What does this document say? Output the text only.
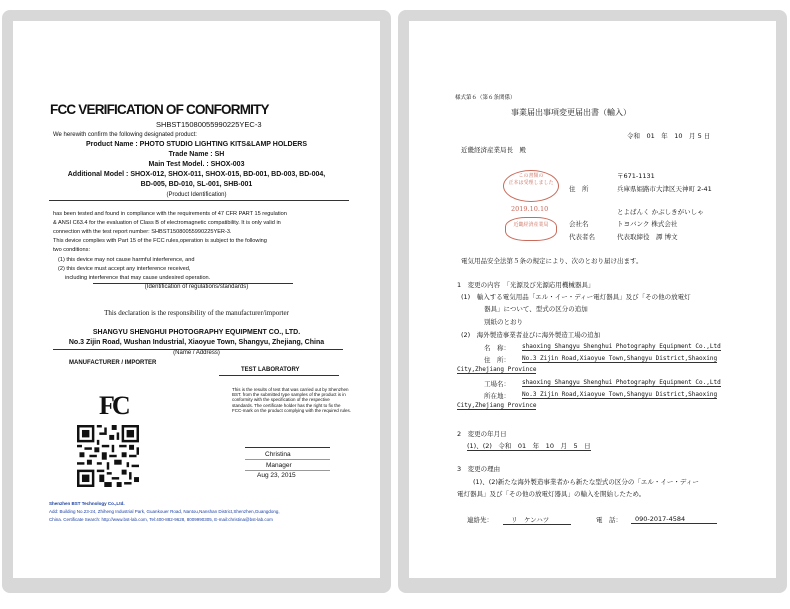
FCC VERIFICATION OF CONFORMITY
SHBST15080055990225YEC-3
We herewith confirm the following designated product:
Product Name : PHOTO STUDIO LIGHTING KITS&LAMP HOLDERS
Trade Name : SH
Main Test Model. : SHOX-003
Additional Model : SHOX-012, SHOX-011, SHOX-015, BD-001, BD-003, BD-004,
BD-005, BD-010, SL-001, SHB-001
(Product Identification)
has been tested and found in compliance with the requirements of 47 CFR PART 15 regulation
& ANSI C63.4 for the evaluation of Class B of electromagnetic compatibility. It is only valid in
connection with the test report number: SHBST15080055990225YER-3.
This device complies with Part 15 of the FCC rules,operation is subject to the following
two conditions:
(1) this device may not cause harmful interference, and
(2) this device must accept any interference received,
including interference that may cause undesired operation.
(Identification of regulations/standards)
This declaration is the responsibility of the manufacturer/importer
SHANGYU SHENGHUI PHOTOGRAPHY EQUIPMENT CO., LTD.
No.3 Zijin Road, Wushan Industrial, Xiaoyue Town, Shangyu, Zhejiang, China
(Name / Address)
MANUFACTURER / IMPORTER
FC
TEST LABORATORY
This is the results of test that was carried out by Shenzhen BST. from the submitted type samples of the product is in conformity with the specification of the respective standards. The certificate holder has the right to fix the FCC-mark on the product complying with the required rules.
Christina
Manager
Aug 23, 2015
Shenzhen BST Technology Co.,Ltd.
Add: Building No.23-24, Zhiheng Industrial Park, Guankouer Road, Nantou,Nanshan District,Shenzhen,Guangdong,
China. Certificate Search: http://www.bst-lab.com, Tel:400-882-9628, 8009990305, E-mail:christina@bst-lab.com
様式第６（第６条関係）
事業届出事項変更届出書（輸入）
令和　01　年　10　月 5 日
近畿経済産業局長　殿
この書類の
正本は受理しました
2019.10.10
近畿経済産業局
〒671-1131
住　所	兵庫県姫路市大津区天神町 2-41
とよばんく かぶしきがいしゃ
会社名	トヨバンク 株式会社
代表者名	代表取締役　譚 博文
電気用品安全法第５条の規定により、次のとおり届け出ます。
1　変更の内容　「光源及び光源応用機械器具」
(1)　輸入する電気用品「エル・イー・ディー電灯器具」及び「その他の放電灯
器具」について、型式の区分の追加
別紙のとおり
(2)　海外製造事業者並びに海外製造工場の追加
名　称： shaoxing Shangyu Shenghui Photography Equipment Co.,Ltd
住　所： No.3 Zijin Road,Xiaoyue Town,Shangyu District,Shaoxing
City,Zhejiang Province
工場名： shaoxing Shangyu Shenghui Photography Equipment Co.,Ltd
所在地： No.3 Zijin Road,Xiaoyue Town,Shangyu District,Shaoxing
City,Zhejiang Province
2　変更の年月日
(1)、(2)　令和　01　年　10　月　5　日
3　変更の理由
(1)、(2)新たな海外製造事業者から新たな型式の区分の「エル・イー・ディー
電灯器具」及び「その他の放電灯器具」の輸入を開始したため。
連絡先：	リ　ケンハツ	電　話：	090-2017-4584
